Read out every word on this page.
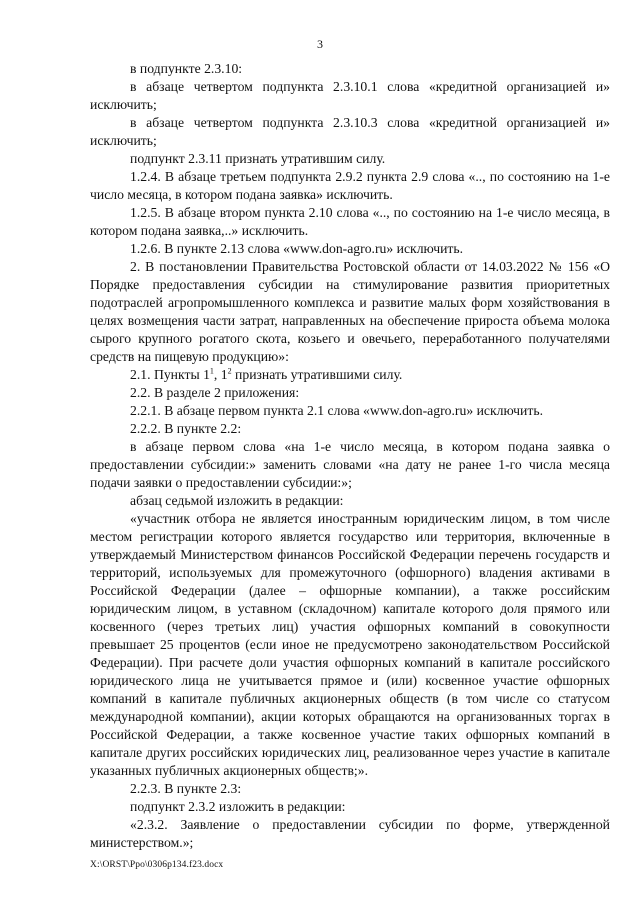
3

в подпункте 2.3.10:

в абзаце четвертом подпункта 2.3.10.1 слова «кредитной организацией и» исключить;

в абзаце четвертом подпункта 2.3.10.3 слова «кредитной организацией и» исключить;

подпункт 2.3.11 признать утратившим силу.

1.2.4. В абзаце третьем подпункта 2.9.2 пункта 2.9 слова «.., по состоянию на 1-е число месяца, в котором подана заявка» исключить.

1.2.5. В абзаце втором пункта 2.10 слова «.., по состоянию на 1-е число месяца, в котором подана заявка,..» исключить.

1.2.6. В пункте 2.13 слова «www.don-agro.ru» исключить.

2. В постановлении Правительства Ростовской области от 14.03.2022 № 156 «О Порядке предоставления субсидии на стимулирование развития приоритетных подотраслей агропромышленного комплекса и развитие малых форм хозяйствования в целях возмещения части затрат, направленных на обеспечение прироста объема молока сырого крупного рогатого скота, козьего и овечьего, переработанного получателями средств на пищевую продукцию»:

2.1. Пункты $1^1$, $1^2$ признать утратившими силу.

2.2. В разделе 2 приложения:

2.2.1. В абзаце первом пункта 2.1 слова «www.don-agro.ru» исключить.

2.2.2. В пункте 2.2:

в абзаце первом слова «на 1-е число месяца, в котором подана заявка о предоставлении субсидии:» заменить словами «на дату не ранее 1-го числа месяца подачи заявки о предоставлении субсидии:»;

абзац седьмой изложить в редакции:

«участник отбора не является иностранным юридическим лицом, в том числе местом регистрации которого является государство или территория, включенные в утверждаемый Министерством финансов Российской Федерации перечень государств и территорий, используемых для промежуточного (офшорного) владения активами в Российской Федерации (далее – офшорные компании), а также российским юридическим лицом, в уставном (складочном) капитале которого доля прямого или косвенного (через третьих лиц) участия офшорных компаний в совокупности превышает 25 процентов (если иное не предусмотрено законодательством Российской Федерации). При расчете доли участия офшорных компаний в капитале российского юридического лица не учитывается прямое и (или) косвенное участие офшорных компаний в капитале публичных акционерных обществ (в том числе со статусом международной компании), акции которых обращаются на организованных торгах в Российской Федерации, а также косвенное участие таких офшорных компаний в капитале других российских юридических лиц, реализованное через участие в капитале указанных публичных акционерных обществ;».

2.2.3. В пункте 2.3:

подпункт 2.3.2 изложить в редакции:

«2.3.2. Заявление о предоставлении субсидии по форме, утвержденной министерством.»;

X:\ORST\Ppo\0306p134.f23.docx
